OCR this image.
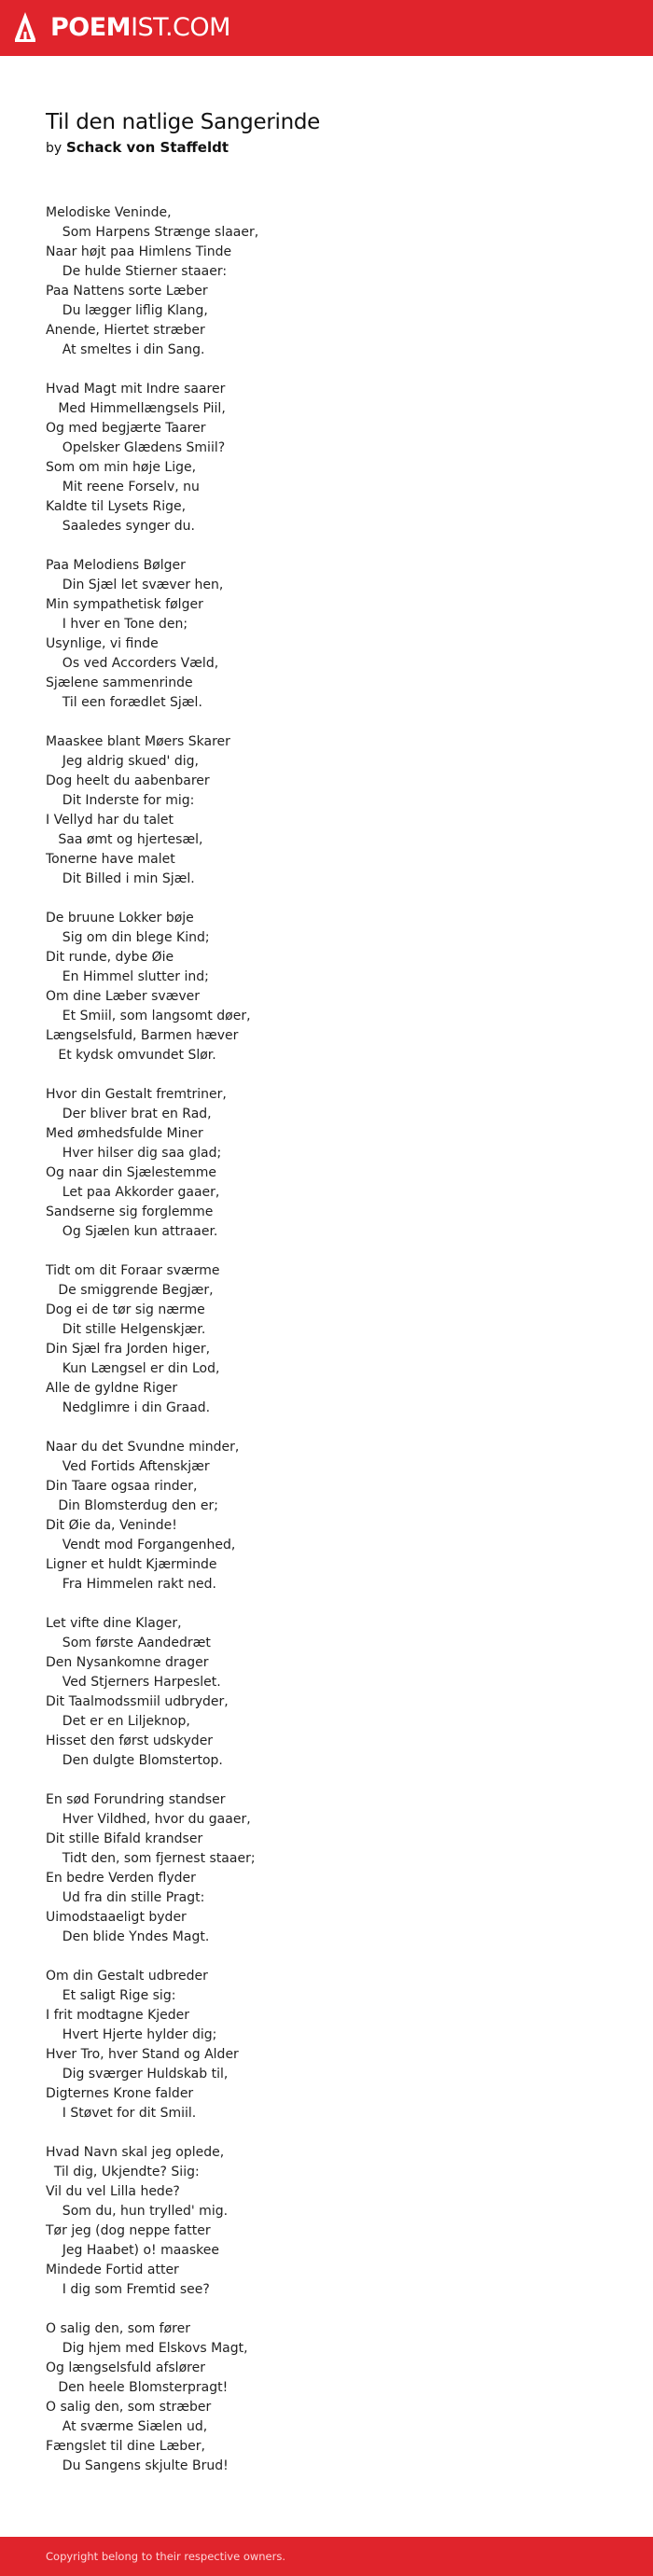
POEMIST.COM
Til den natlige Sangerinde

by Schack von Staffeldt

Melodiske Veninde,
Som Harpens Strænge slaaer,
Naar højt paa Himlens Tinde
De hulde Stierner staaer:
Paa Nattens sorte Læber
Du lægger liflig Klang,
Anende, Hiertet stræber
At smeltes i din Sang.
Hvad Magt mit Indre saarer
Med Himmellængsels Piil,
Og med begjærte Taarer
Opelsker Glædens Smiil?
Som om min høje Lige,
Mit reene Forselv, nu
Kaldte til Lysets Rige,
Saaledes synger du.
Paa Melodiens Bølger
Din Sjæl let svæver hen,
Min sympathetisk følger
I hver en Tone den;
Usynlige, vi finde
Os ved Accorders Væld,
Sjælene sammenrinde
Til een forædlet Sjæl.
Maaskee blant Møers Skarer
Jeg aldrig skued' dig,
Dog heelt du aabenbarer
Dit Inderste for mig:
I Vellyd har du talet
Saa ømt og hjertesæl,
Tonerne have malet
Dit Billed i min Sjæl.
De bruune Lokker bøje
Sig om din blege Kind;
Dit runde, dybe Øie
En Himmel slutter ind;
Om dine Læber svæver
Et Smiil, som langsomt døer,
Længselsfuld, Barmen hæver
Et kydsk omvundet Slør.
Hvor din Gestalt fremtriner,
Der bliver brat en Rad,
Med ømhedsfulde Miner
Hver hilser dig saa glad;
Og naar din Sjælestemme
Let paa Akkorder gaaer,
Sandserne sig forglemme
Og Sjælen kun attraaer.
Tidt om dit Foraar sværme
De smiggrende Begjær,
Dog ei de tør sig nærme
Dit stille Helgenskjær.
Din Sjæl fra Jorden higer,
Kun Længsel er din Lod,
Alle de gyldne Riger
Nedglimre i din Graad.
Naar du det Svundne minder,
Ved Fortids Aftenskjær
Din Taare ogsaa rinder,
Din Blomsterdug den er;
Dit Øie da, Veninde!
Vendt mod Forgangenhed,
Ligner et huldt Kjærminde
Fra Himmelen rakt ned.
Let vifte dine Klager,
Som første Aandedræt
Den Nysankomne drager
Ved Stjerners Harpeslet.
Dit Taalmodssmiil udbryder,
Det er en Liljeknop,
Hisset den først udskyder
Den dulgte Blomstertop.
En sød Forundring standser
Hver Vildhed, hvor du gaaer,
Dit stille Bifald krandser
Tidt den, som fjernest staaer;
En bedre Verden flyder
Ud fra din stille Pragt:
Uimodstaaeligt byder
Den blide Yndes Magt.
Om din Gestalt udbreder
Et saligt Rige sig:
I frit modtagne Kjeder
Hvert Hjerte hylder dig;
Hver Tro, hver Stand og Alder
Dig sværger Huldskab til,
Digternes Krone falder
I Støvet for dit Smiil.
Hvad Navn skal jeg oplede,
Til dig, Ukjendte? Siig:
Vil du vel Lilla hede?
Som du, hun trylled' mig.
Tør jeg (dog neppe fatter
Jeg Haabet) o! maaskee
Mindede Fortid atter
I dig som Fremtid see?
O salig den, som fører
Dig hjem med Elskovs Magt,
Og længselsfuld afslører
Den heele Blomsterpragt!
O salig den, som stræber
At sværme Siælen ud,
Fængslet til dine Læber,
Du Sangens skjulte Brud!
Copyright belong to their respective owners.
